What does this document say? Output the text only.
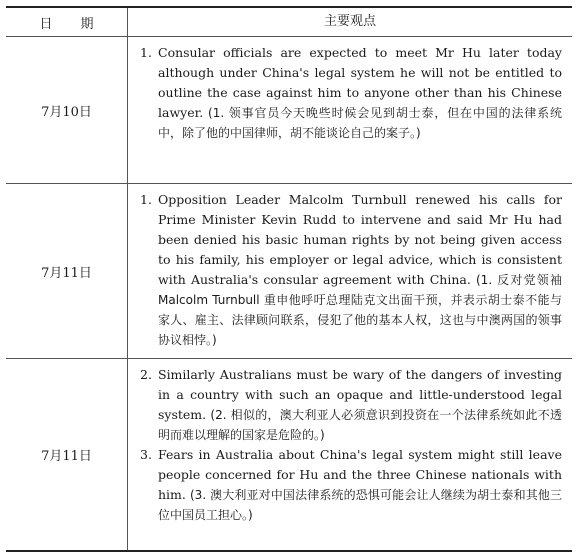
日期	主要观点
7月10日
1. Consular officials are expected to meet Mr Hu later today although under China's legal system he will not be entitled to outline the case against him to anyone other than his Chinese lawyer. (1. 领事官员今天晚些时候会见到胡士泰，但在中国的法律系统中，除了他的中国律师，胡不能谈论自己的案子。)
7月11日
1. Opposition Leader Malcolm Turnbull renewed his calls for Prime Minister Kevin Rudd to intervene and said Mr Hu had been denied his basic human rights by not being given access to his family, his employer or legal advice, which is consistent with Australia's consular agreement with China. (1. 反对党领袖 Malcolm Turnbull 重申他呼吁总理陆克文出面干预，并表示胡士泰不能与家人、雇主、法律顾问联系，侵犯了他的基本人权，这也与中澳两国的领事协议相悖。)
7月11日
2. Similarly Australians must be wary of the dangers of investing in a country with such an opaque and little-understood legal system. (2. 相似的，澳大利亚人必须意识到投资在一个法律系统如此不透明而难以理解的国家是危险的。)
3. Fears in Australia about China's legal system might still leave people concerned for Hu and the three Chinese nationals with him. (3. 澳大利亚对中国法律系统的恐惧可能会让人继续为胡士泰和其他三位中国员工担心。)
